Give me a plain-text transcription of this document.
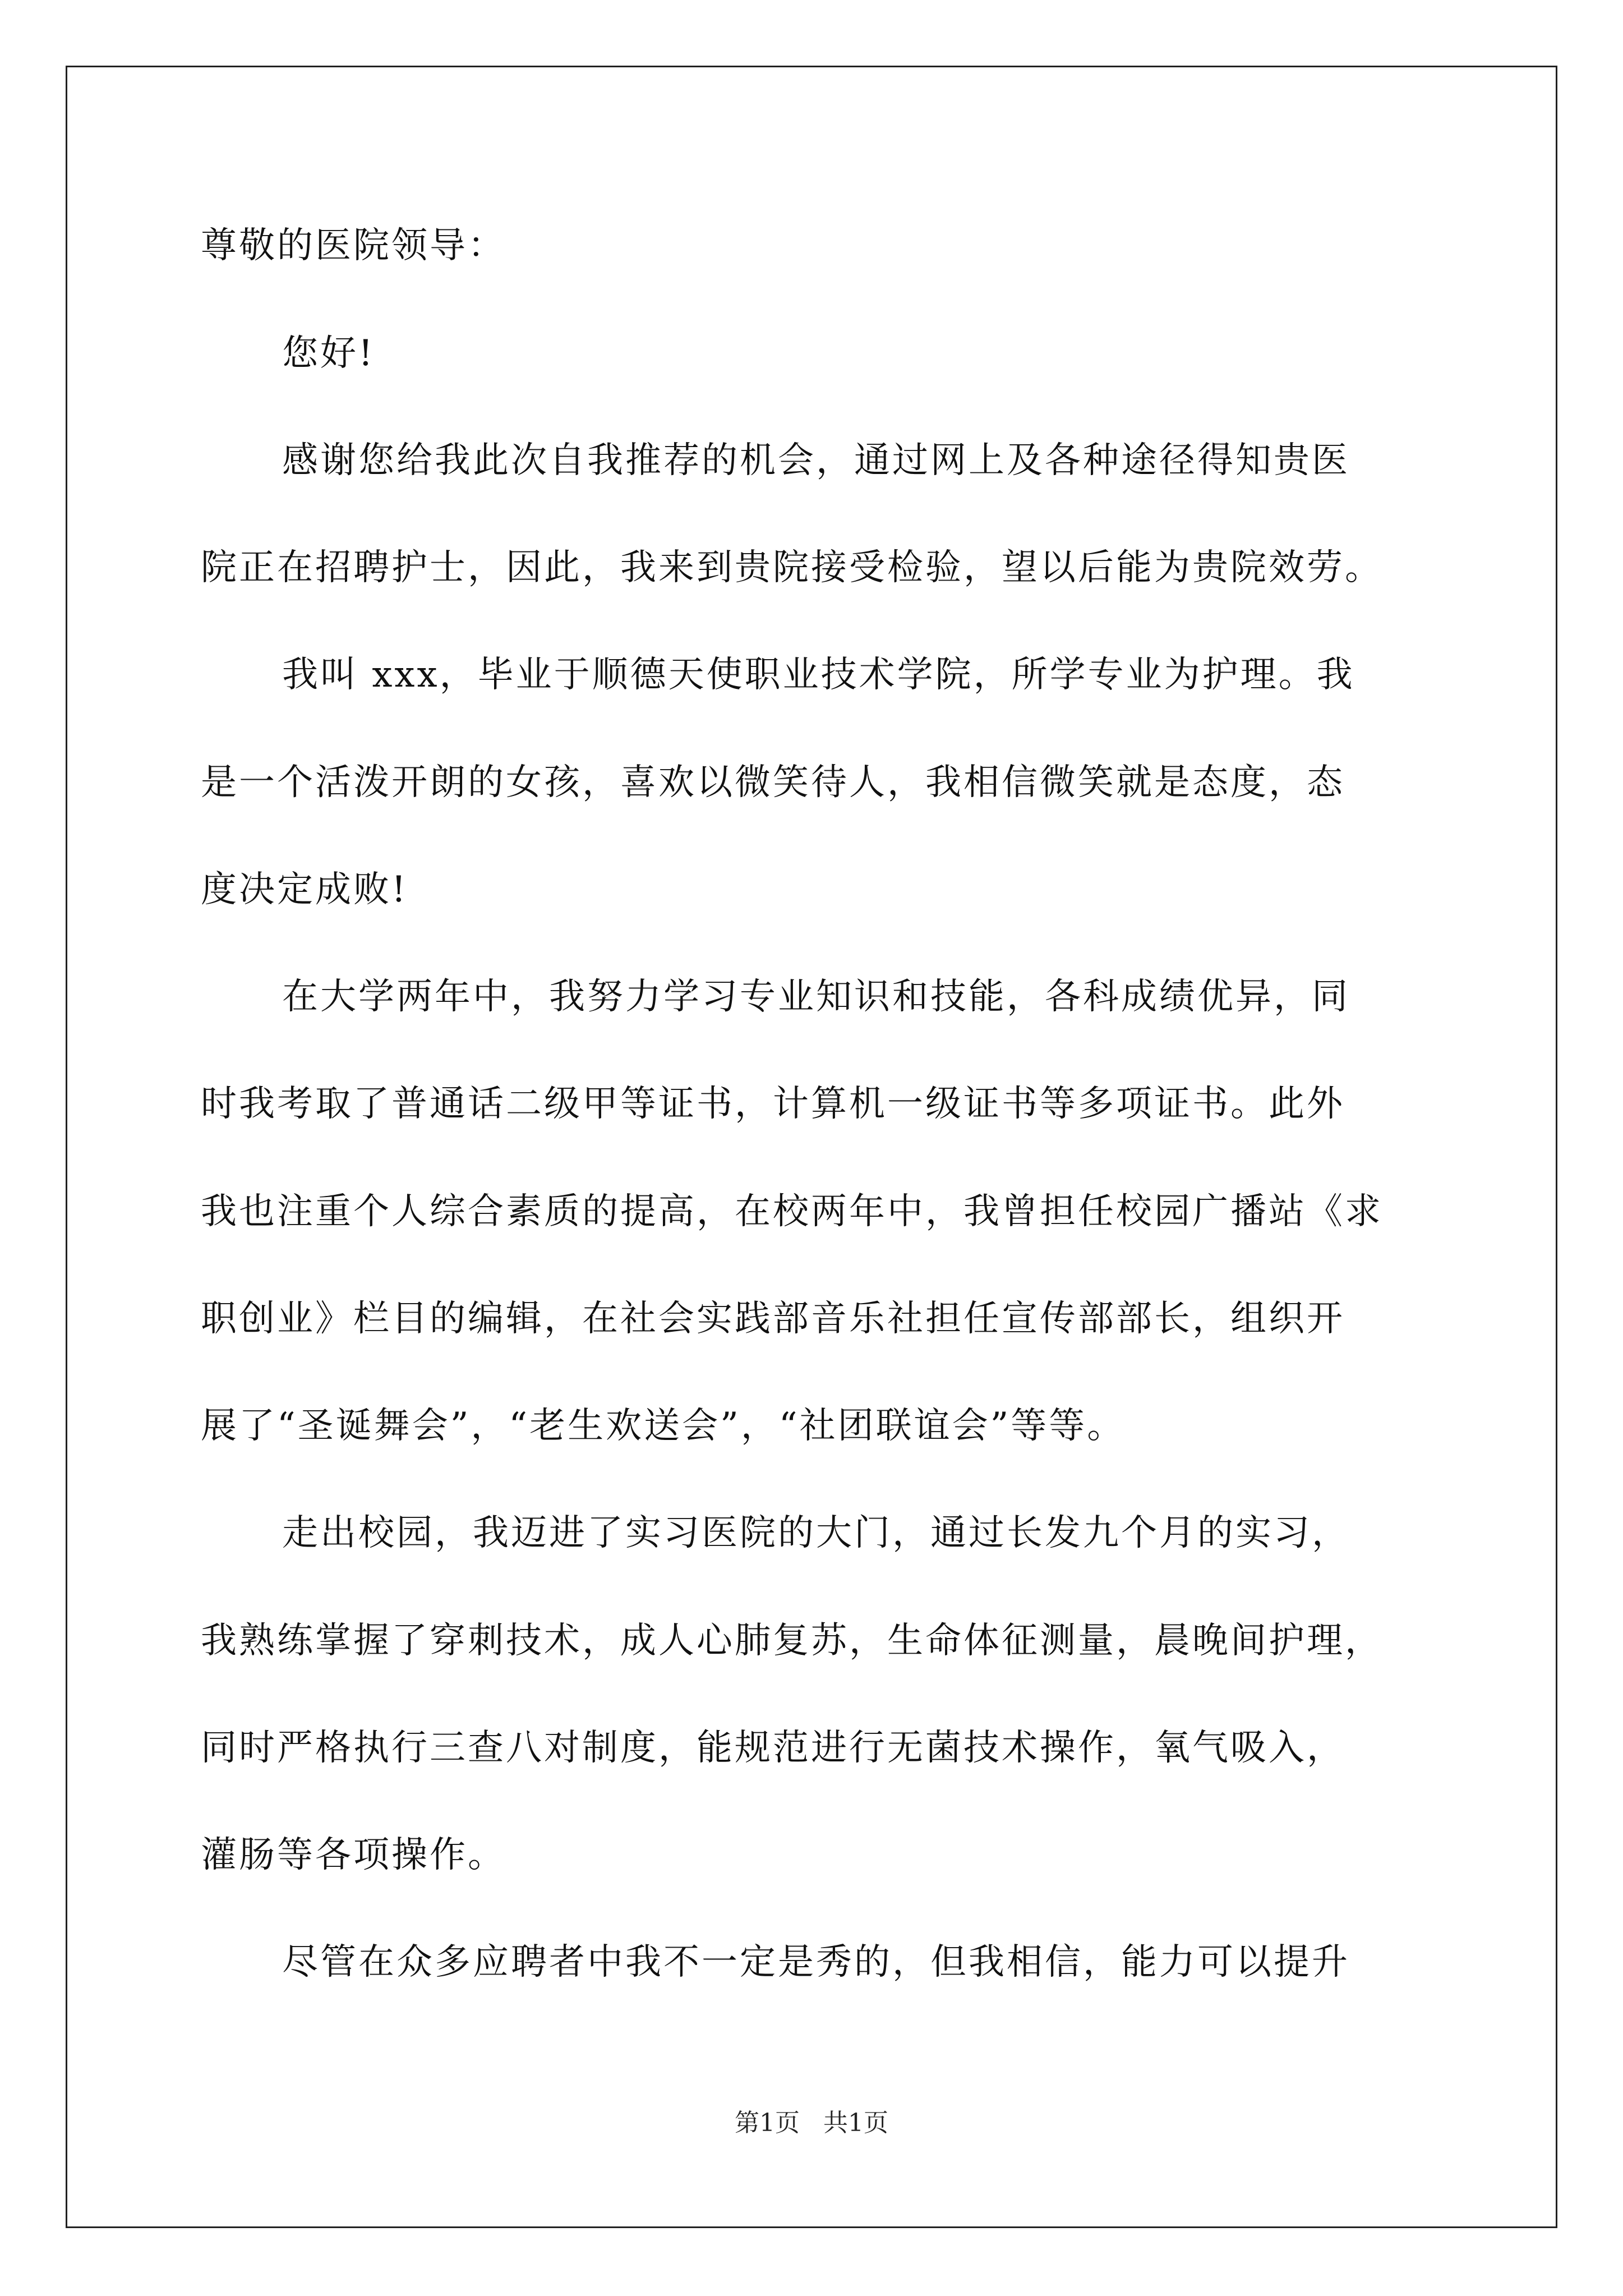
尊敬的医院领导：
您好!
感谢您给我此次自我推荐的机会，通过网上及各种途径得知贵医
院正在招聘护士，因此，我来到贵院接受检验，望以后能为贵院效劳。
我叫 xxx，毕业于顺德天使职业技术学院，所学专业为护理。我
是一个活泼开朗的女孩，喜欢以微笑待人，我相信微笑就是态度，态
度决定成败!
在大学两年中，我努力学习专业知识和技能，各科成绩优异，同
时我考取了普通话二级甲等证书，计算机一级证书等多项证书。此外
我也注重个人综合素质的提高，在校两年中，我曾担任校园广播站《求
职创业》栏目的编辑，在社会实践部音乐社担任宣传部部长，组织开
展了“圣诞舞会”，“老生欢送会”，“社团联谊会”等等。
走出校园，我迈进了实习医院的大门，通过长发九个月的实习，
我熟练掌握了穿刺技术，成人心肺复苏，生命体征测量，晨晚间护理，
同时严格执行三查八对制度，能规范进行无菌技术操作，氧气吸入，
灌肠等各项操作。
尽管在众多应聘者中我不一定是秀的，但我相信，能力可以提升
第1页   共1页
